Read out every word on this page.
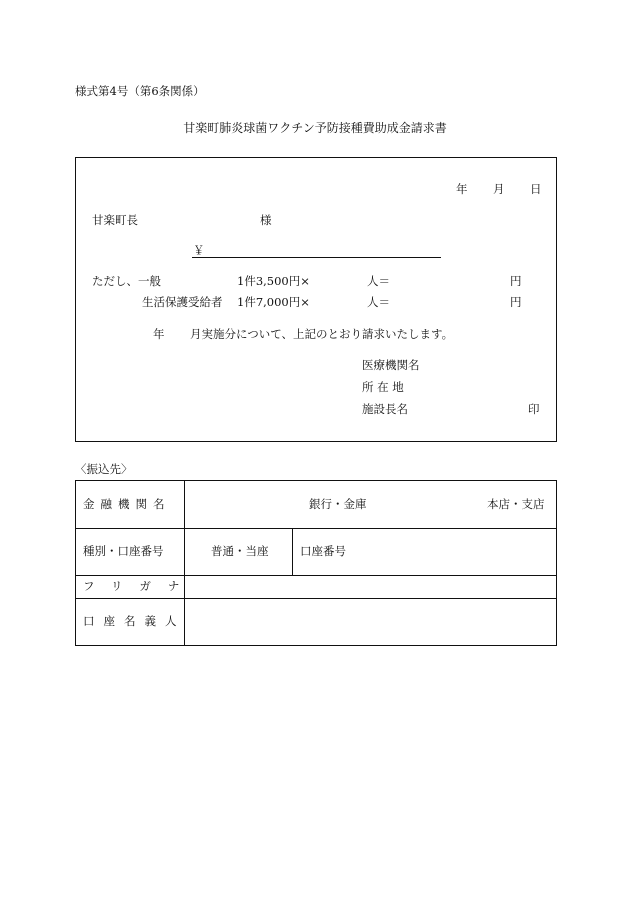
様式第4号（第6条関係）
甘楽町肺炎球菌ワクチン予防接種費助成金請求書
年 月 日
甘楽町長	様
￥
ただし、一般	1件3,500円×	人＝	円
生活保護受給者 1件7,000円×	人＝	円
年 月実施分について、上記のとおり請求いたします。
医療機関名
所 在 地
施設長名	印
〈振込先〉
金融機関名	銀行・金庫	本店・支店
種別・口座番号	普通・当座	口座番号
フリガナ
口座名義人
